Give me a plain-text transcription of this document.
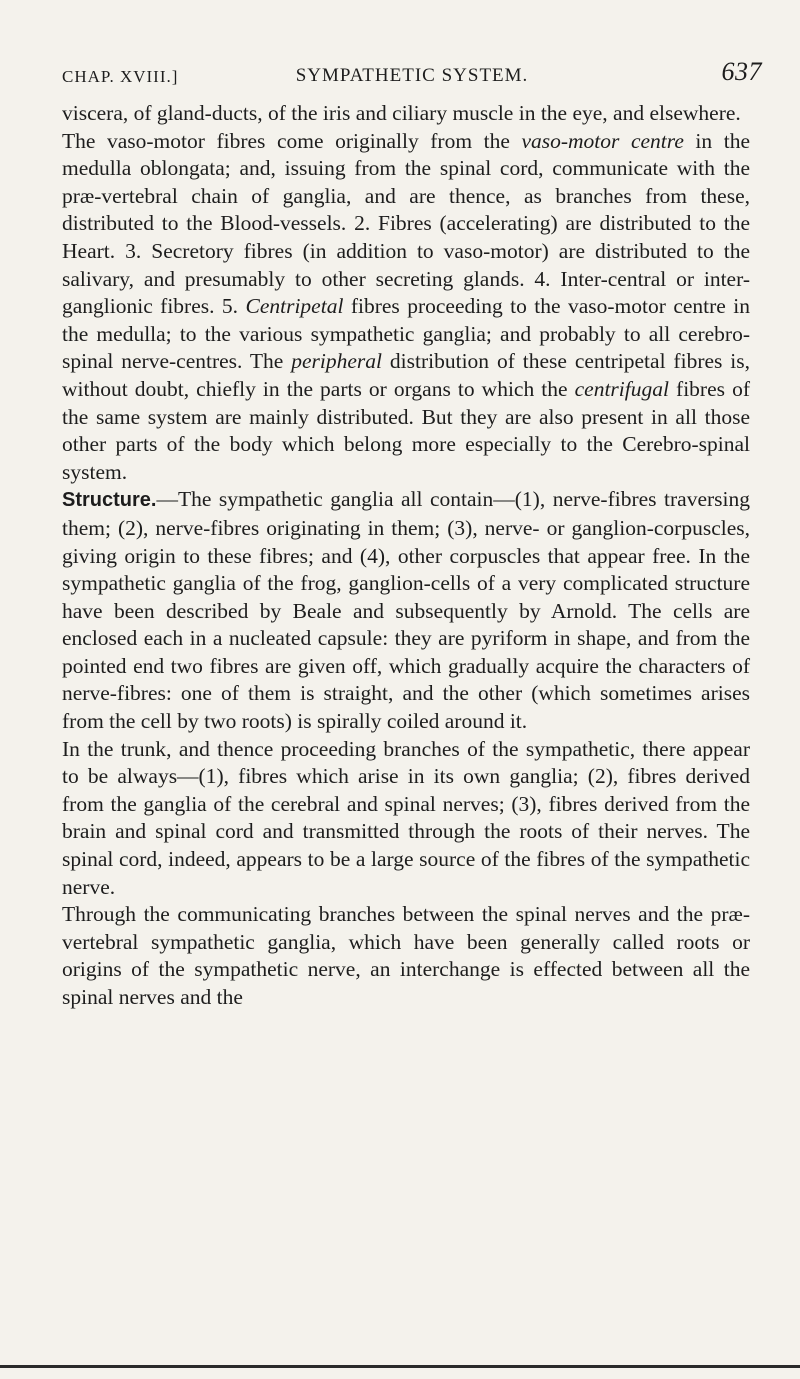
CHAP. XVIII.]	SYMPATHETIC SYSTEM.	637

viscera, of gland-ducts, of the iris and ciliary muscle in the eye, and elsewhere.

The vaso-motor fibres come originally from the vaso-motor centre in the medulla oblongata; and, issuing from the spinal cord, communicate with the præ-vertebral chain of ganglia, and are thence, as branches from these, distributed to the Blood-vessels. 2. Fibres (accelerating) are distributed to the Heart. 3. Secretory fibres (in addition to vaso-motor) are distributed to the salivary, and presumably to other secreting glands. 4. Inter-central or inter-ganglionic fibres. 5. Centripetal fibres proceeding to the vaso-motor centre in the medulla; to the various sympathetic ganglia; and probably to all cerebro-spinal nerve-centres. The peripheral distribution of these centripetal fibres is, without doubt, chiefly in the parts or organs to which the centrifugal fibres of the same system are mainly distributed. But they are also present in all those other parts of the body which belong more especially to the Cerebro-spinal system.

Structure.—The sympathetic ganglia all contain—(1), nerve-fibres traversing them; (2), nerve-fibres originating in them; (3), nerve- or ganglion-corpuscles, giving origin to these fibres; and (4), other corpuscles that appear free. In the sympathetic ganglia of the frog, ganglion-cells of a very complicated structure have been described by Beale and subsequently by Arnold. The cells are enclosed each in a nucleated capsule: they are pyriform in shape, and from the pointed end two fibres are given off, which gradually acquire the characters of nerve-fibres: one of them is straight, and the other (which sometimes arises from the cell by two roots) is spirally coiled around it.

In the trunk, and thence proceeding branches of the sympathetic, there appear to be always—(1), fibres which arise in its own ganglia; (2), fibres derived from the ganglia of the cerebral and spinal nerves; (3), fibres derived from the brain and spinal cord and transmitted through the roots of their nerves. The spinal cord, indeed, appears to be a large source of the fibres of the sympathetic nerve.

Through the communicating branches between the spinal nerves and the præ-vertebral sympathetic ganglia, which have been generally called roots or origins of the sympathetic nerve, an interchange is effected between all the spinal nerves and the
